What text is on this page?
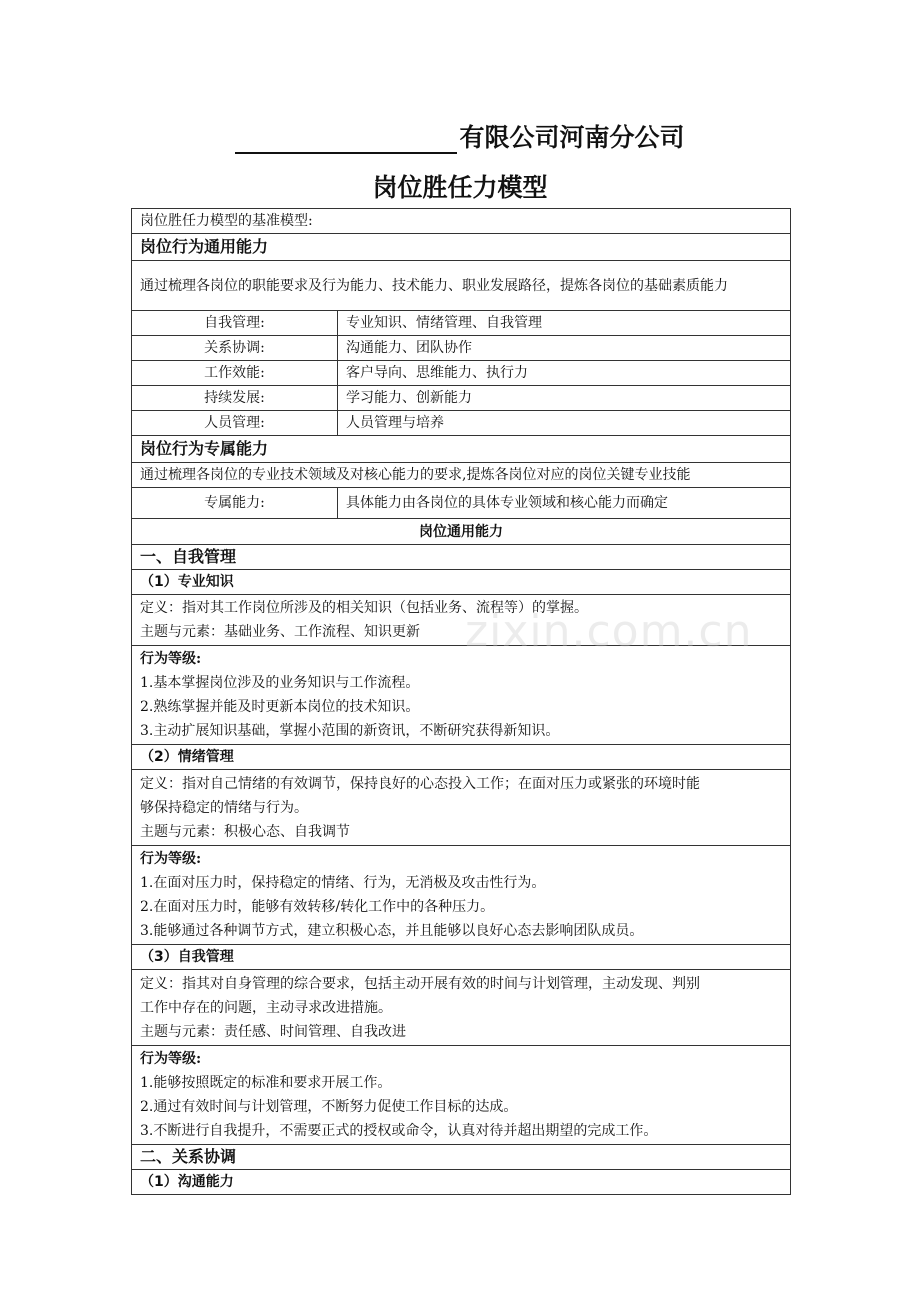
有限公司河南分公司
岗位胜任力模型
岗位胜任力模型的基准模型:	
岗位行为通用能力	
通过梳理各岗位的职能要求及行为能力、技术能力、职业发展路径，提炼各岗位的基础素质能力	
自我管理:	专业知识、情绪管理、自我管理
关系协调:	沟通能力、团队协作
工作效能:	客户导向、思维能力、执行力
持续发展:	学习能力、创新能力
人员管理:	人员管理与培养
岗位行为专属能力	
通过梳理各岗位的专业技术领域及对核心能力的要求,提炼各岗位对应的岗位关键专业技能	
专属能力:	具体能力由各岗位的具体专业领域和核心能力而确定
岗位通用能力	
一、自我管理	
（1）专业知识	

定义：指对其工作岗位所涉及的相关知识（包括业务、流程等）的掌握。
主题与元素：基础业务、工作流程、知识更新	

行为等级:
1.基本掌握岗位涉及的业务知识与工作流程。
2.熟练掌握并能及时更新本岗位的技术知识。
3.主动扩展知识基础，掌握小范围的新资讯，不断研究获得新知识。	

（2）情绪管理	

定义：指对自己情绪的有效调节，保持良好的心态投入工作；在面对压力或紧张的环境时能
够保持稳定的情绪与行为。
主题与元素：积极心态、自我调节	

行为等级:
1.在面对压力时，保持稳定的情绪、行为，无消极及攻击性行为。
2.在面对压力时，能够有效转移/转化工作中的各种压力。
3.能够通过各种调节方式，建立积极心态，并且能够以良好心态去影响团队成员。	

（3）自我管理	

定义：指其对自身管理的综合要求，包括主动开展有效的时间与计划管理，主动发现、判别
工作中存在的问题，主动寻求改进措施。
主题与元素：责任感、时间管理、自我改进	

行为等级:
1.能够按照既定的标准和要求开展工作。
2.通过有效时间与计划管理，不断努力促使工作目标的达成。
3.不断进行自我提升，不需要正式的授权或命令，认真对待并超出期望的完成工作。	

二、关系协调	
（1）沟通能力	
zixin.com.cn
